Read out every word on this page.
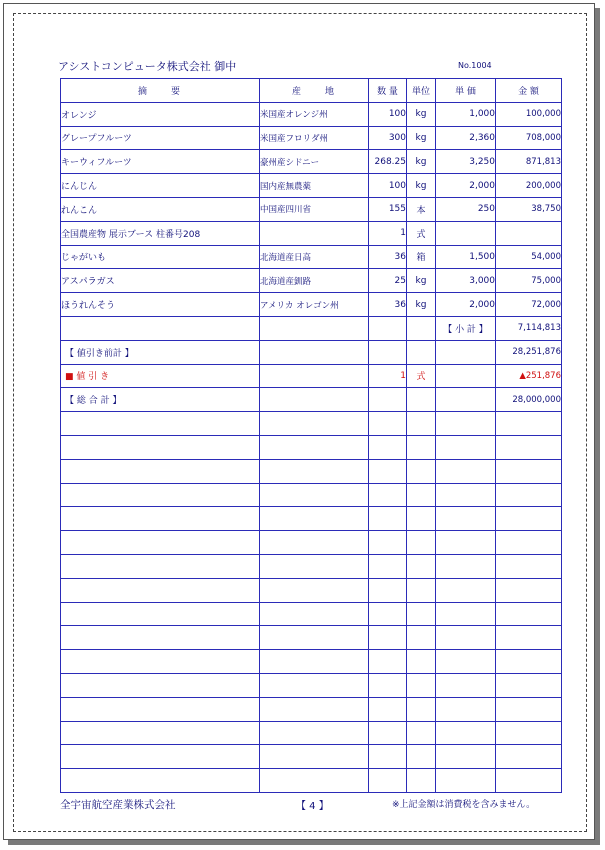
アシストコンピュータ株式会社 御中	No.1004
摘　　要	産　　地	数 量	単位	単 価	金 額
オレンジ	米国産オレンジ州	100	kg	1,000	100,000
グレープフルーツ	米国産フロリダ州	300	kg	2,360	708,000
キーウィフルーツ	豪州産シドニー	268.25	kg	3,250	871,813
にんじん	国内産無農薬	100	kg	2,000	200,000
れんこん	中国産四川省	155	本	250	38,750
全国農産物 展示ブース 柱番号208		1	式		
じゃがいも	北海道産日高	36	箱	1,500	54,000
アスパラガス	北海道産釧路	25	kg	3,000	75,000
ほうれんそう	アメリカ オレゴン州	36	kg	2,000	72,000
				【 小 計 】	7,114,813
【 値引き前計 】					28,251,876
■ 値 引 き		1	式		▲251,876
【 総 合 計 】					28,000,000

全宇宙航空産業株式会社	【 4 】	※上記金額は消費税を含みません。
